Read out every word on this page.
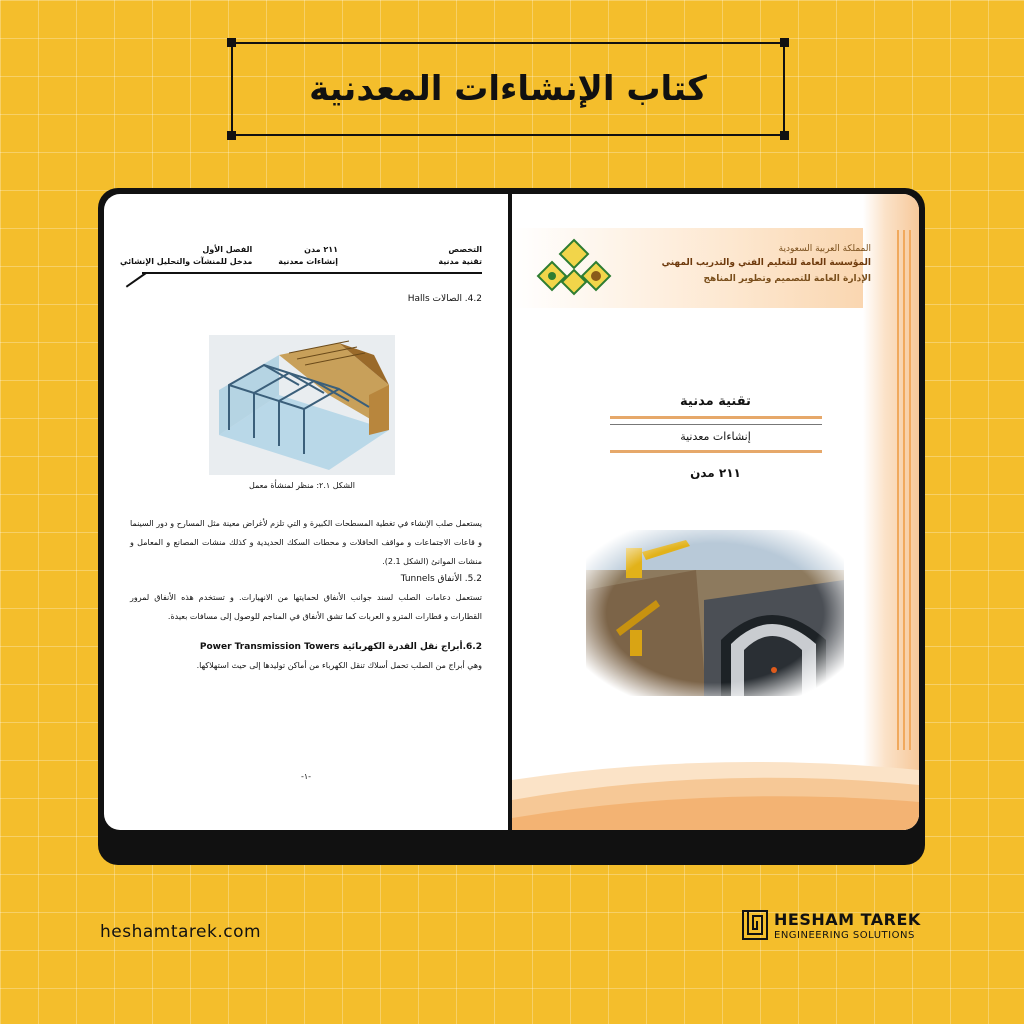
كتاب الإنشاءات المعدنية
التخصص
تقنية مدنية
٢١١ مدن
إنشاءات معدنية
الفصل الأول
مدخل للمنشآت والتحليل الإنشائي
4.2. الصالات Halls
الشكل ٢.١: منظر لمنشأة معمل
يستعمل صلب الإنشاء في تغطية المسطحات الكبيرة و التي تلزم لأغراض معينة مثل المسارح و دور السينما و قاعات الاجتماعات و مواقف الحافلات و محطات السكك الحديدية و كذلك منشات المصانع و المعامل و منشات الموانئ (الشكل 2.1).
5.2. الأنفاق Tunnels
تستعمل دعامات الصلب لسند جوانب الأنفاق لحمايتها من الانهيارات. و تستخدم هذه الأنفاق لمرور القطارات و قطارات المترو و العربات كما تشق الأنفاق في المناجم للوصول إلى مسافات بعيدة.
6.2.أبراج نقل القدرة الكهربائية Power Transmission Towers
وهي أبراج من الصلب تحمل أسلاك تنقل الكهرباء من أماكن توليدها إلى حيث استهلاكها.
-١-
المملكة العربية السعودية
المؤسسة العامة للتعليم الفني والتدريب المهني
الإدارة العامة للتصميم وتطوير المناهج
تقنية مدنية
إنشاءات معدنية
٢١١ مدن
heshamtarek.com
HESHAM TAREK
ENGINEERING SOLUTIONS
